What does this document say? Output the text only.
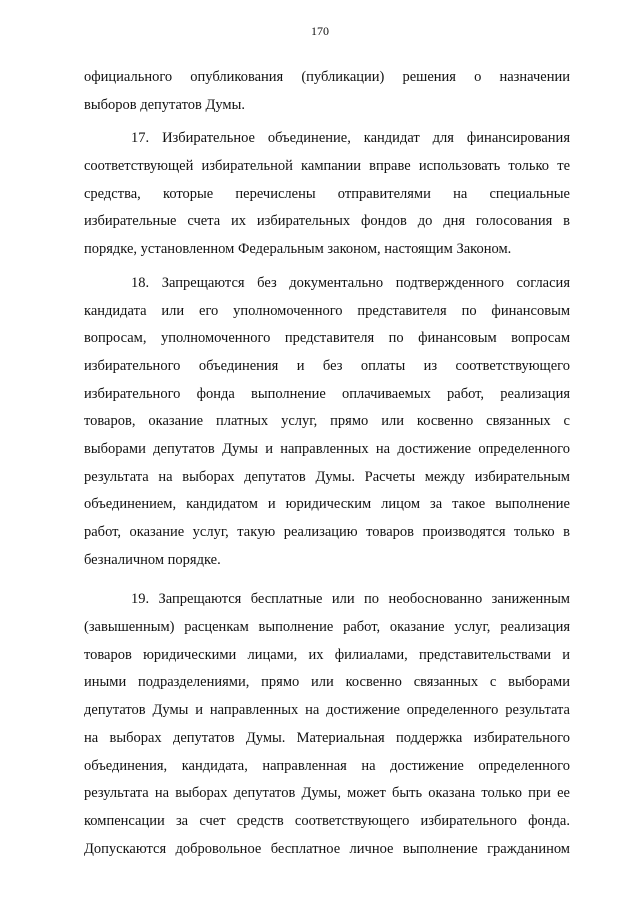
170
официального опубликования (публикации) решения о назначении
выборов депутатов Думы.
17. Избирательное объединение, кандидат для финансирования
соответствующей избирательной кампании вправе использовать только те
средства, которые перечислены отправителями на специальные
избирательные счета их избирательных фондов до дня голосования в
порядке, установленном Федеральным законом, настоящим Законом.
18. Запрещаются без документально подтвержденного согласия
кандидата или его уполномоченного представителя по финансовым
вопросам, уполномоченного представителя по финансовым вопросам
избирательного объединения и без оплаты из соответствующего
избирательного фонда выполнение оплачиваемых работ, реализация
товаров, оказание платных услуг, прямо или косвенно связанных с
выборами депутатов Думы и направленных на достижение определенного
результата на выборах депутатов Думы. Расчеты между избирательным
объединением, кандидатом и юридическим лицом за такое выполнение
работ, оказание услуг, такую реализацию товаров производятся только в
безналичном порядке.
19. Запрещаются бесплатные или по необоснованно заниженным
(завышенным) расценкам выполнение работ, оказание услуг, реализация
товаров юридическими лицами, их филиалами, представительствами и
иными подразделениями, прямо или косвенно связанных с выборами
депутатов Думы и направленных на достижение определенного результата
на выборах депутатов Думы. Материальная поддержка избирательного
объединения, кандидата, направленная на достижение определенного
результата на выборах депутатов Думы, может быть оказана только при ее
компенсации за счет средств соответствующего избирательного фонда.
Допускаются добровольное бесплатное личное выполнение гражданином
